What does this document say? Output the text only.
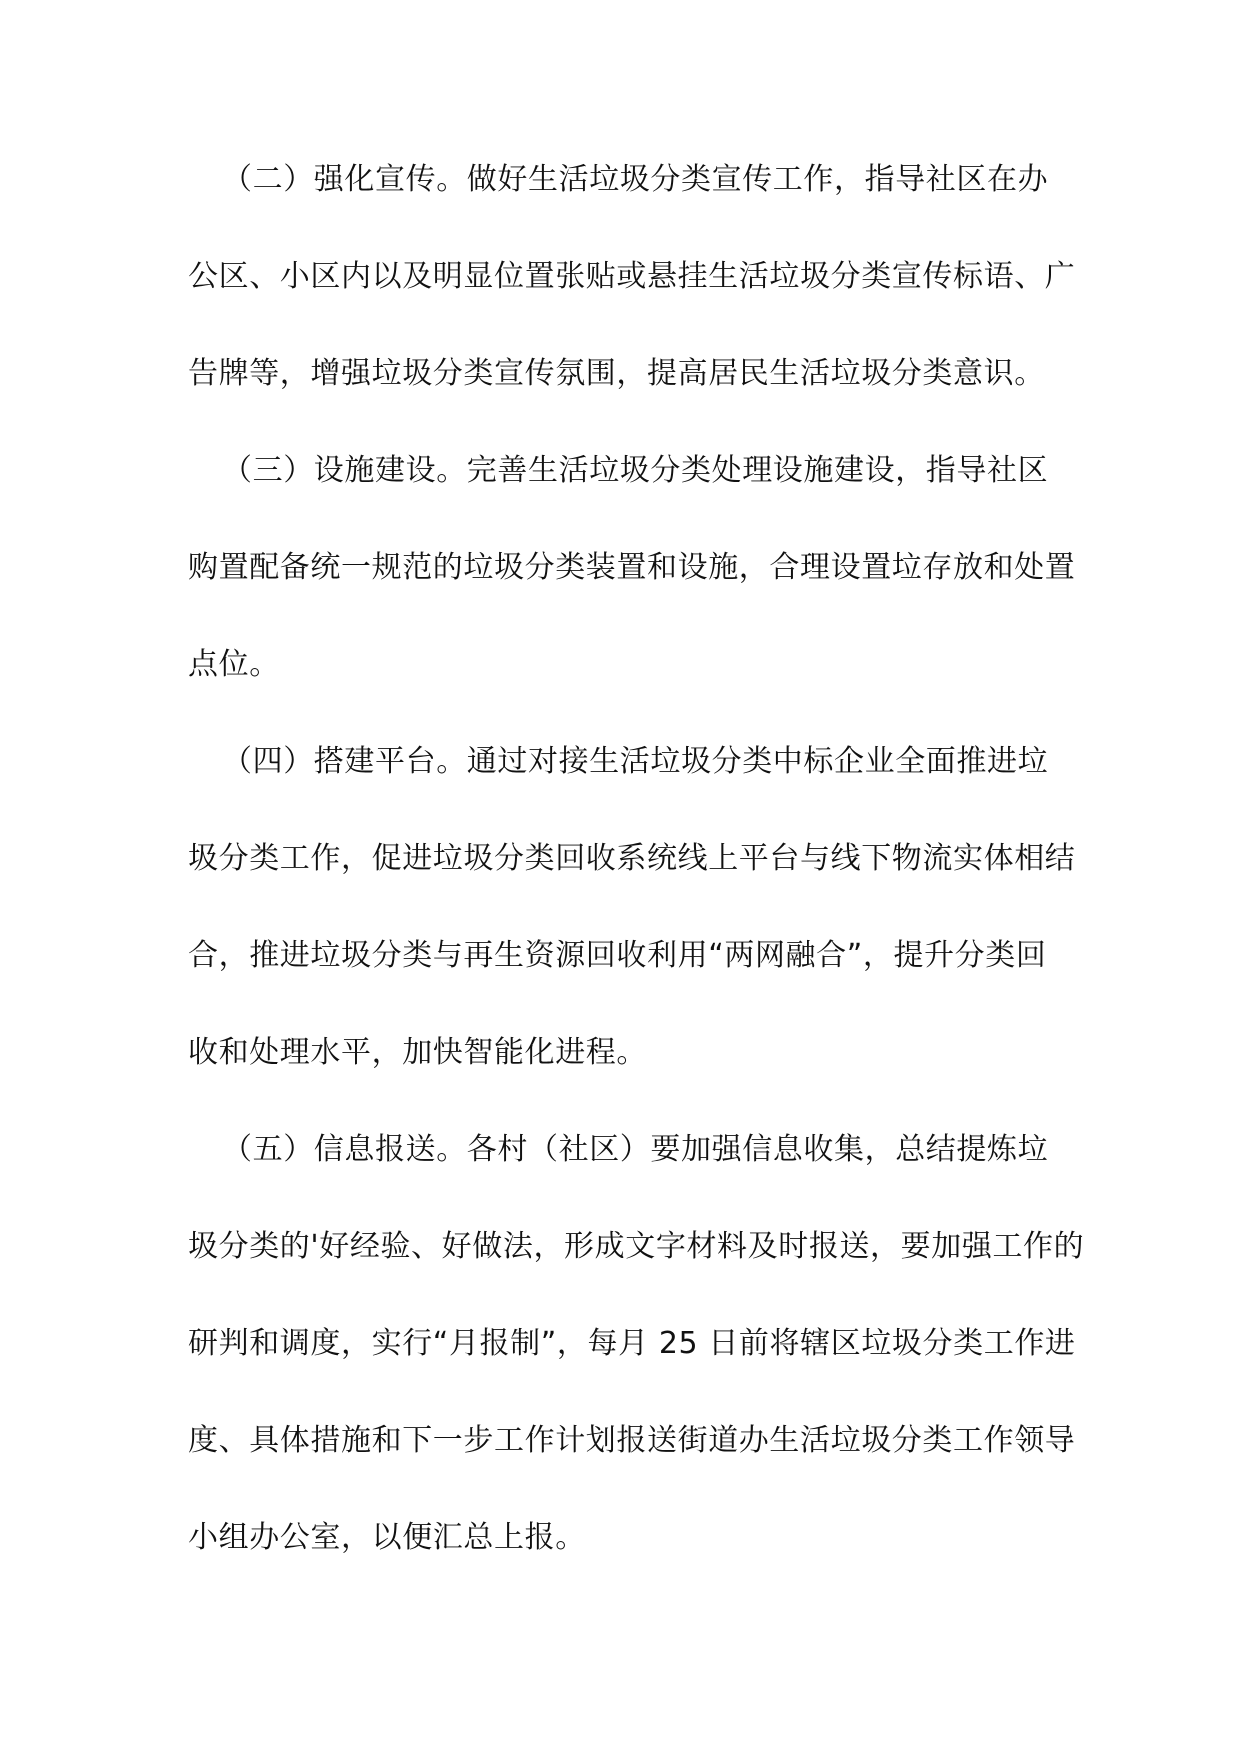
（二）强化宣传。做好生活垃圾分类宣传工作，指导社区在办
公区、小区内以及明显位置张贴或悬挂生活垃圾分类宣传标语、广
告牌等，增强垃圾分类宣传氛围，提高居民生活垃圾分类意识。
（三）设施建设。完善生活垃圾分类处理设施建设，指导社区
购置配备统一规范的垃圾分类装置和设施，合理设置垃存放和处置
点位。
（四）搭建平台。通过对接生活垃圾分类中标企业全面推进垃
圾分类工作，促进垃圾分类回收系统线上平台与线下物流实体相结
合，推进垃圾分类与再生资源回收利用“两网融合”，提升分类回
收和处理水平，加快智能化进程。
（五）信息报送。各村（社区）要加强信息收集，总结提炼垃
圾分类的'好经验、好做法，形成文字材料及时报送，要加强工作的
研判和调度，实行“月报制”，每月 25 日前将辖区垃圾分类工作进
度、具体措施和下一步工作计划报送街道办生活垃圾分类工作领导
小组办公室，以便汇总上报。
